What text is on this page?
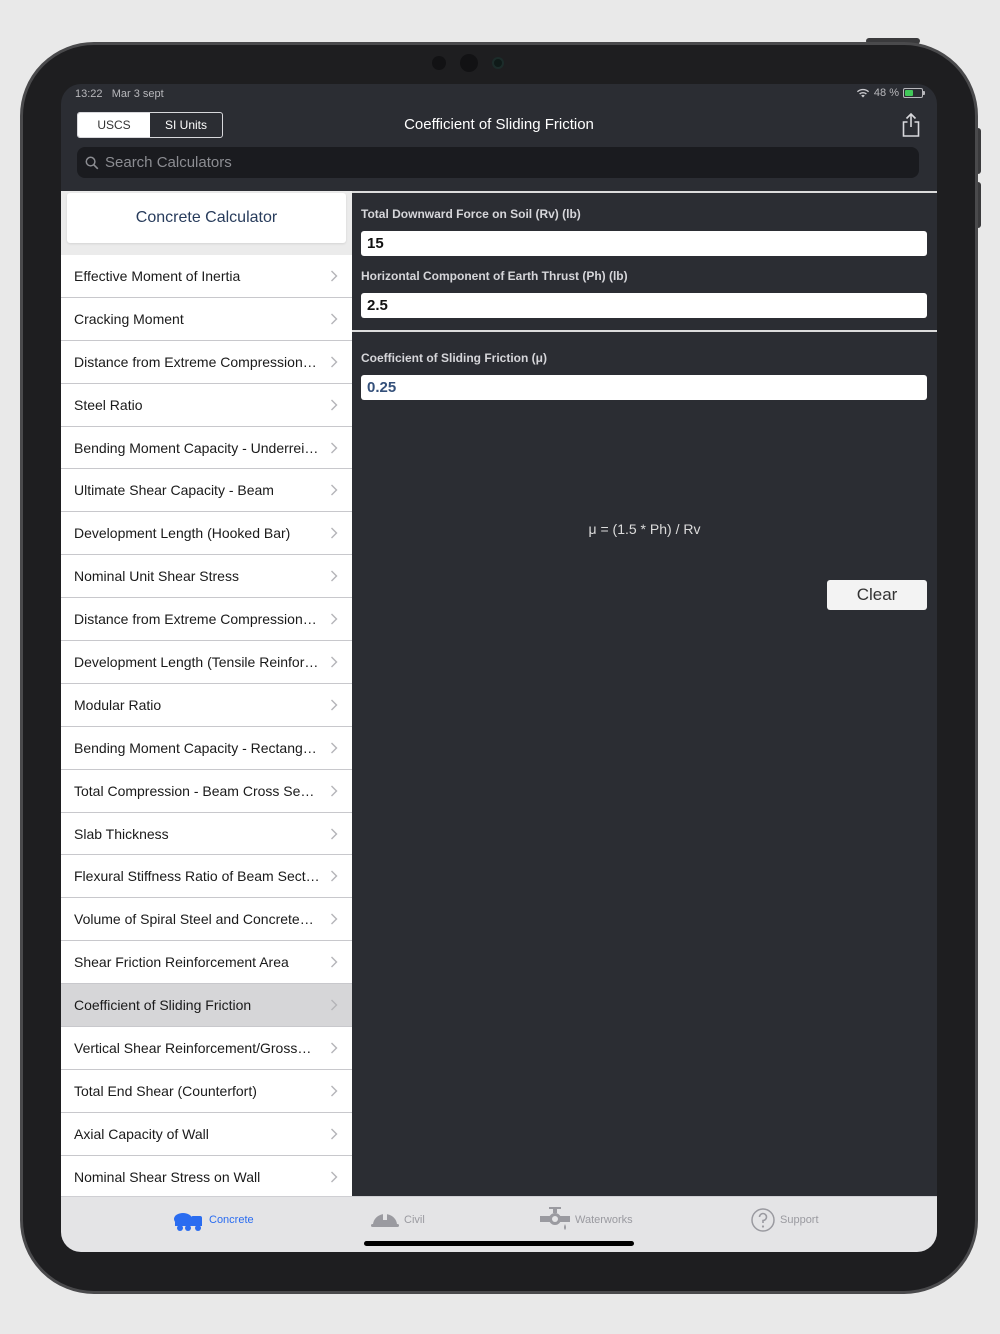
13:22 Mar 3 sept	48 %
USCS	SI Units	Coefficient of Sliding Friction
Search Calculators
Concrete Calculator
Effective Moment of Inertia
Cracking Moment
Distance from Extreme Compression…
Steel Ratio
Bending Moment Capacity - Underrei…
Ultimate Shear Capacity - Beam
Development Length (Hooked Bar)
Nominal Unit Shear Stress
Distance from Extreme Compression…
Development Length (Tensile Reinfor…
Modular Ratio
Bending Moment Capacity - Rectang…
Total Compression - Beam Cross Se…
Slab Thickness
Flexural Stiffness Ratio of Beam Sect…
Volume of Spiral Steel and Concrete…
Shear Friction Reinforcement Area
Coefficient of Sliding Friction
Vertical Shear Reinforcement/Gross…
Total End Shear (Counterfort)
Axial Capacity of Wall
Nominal Shear Stress on Wall
Total Downward Force on Soil (Rv) (lb)
15
Horizontal Component of Earth Thrust (Ph) (lb)
2.5
Coefficient of Sliding Friction (μ)
0.25
μ = (1.5 * Ph) / Rv
Clear
Concrete	Civil	Waterworks	Support
